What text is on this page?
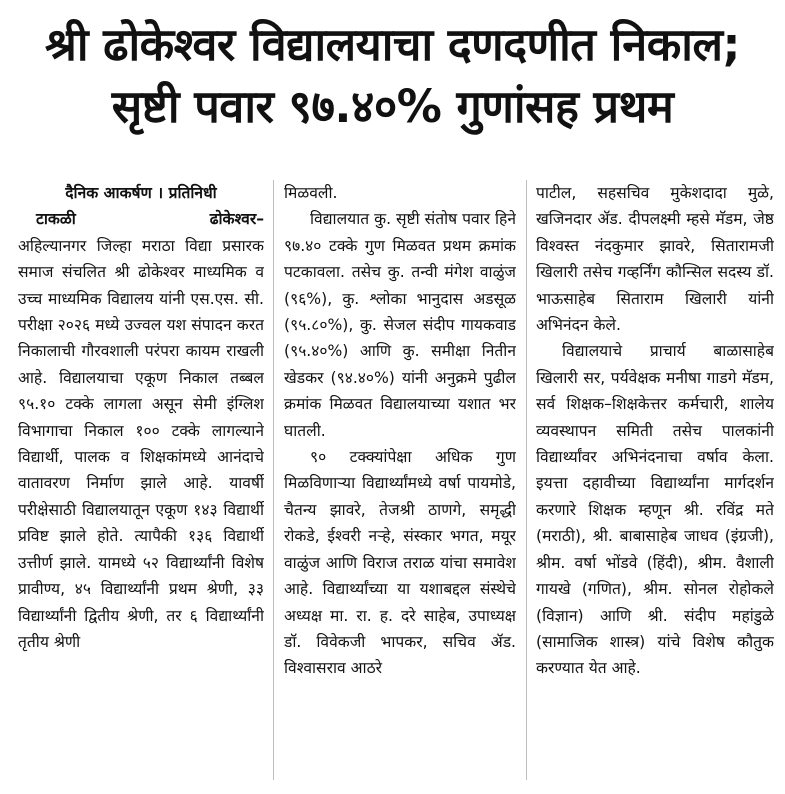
श्री ढोकेश्वर विद्यालयाचा दणदणीत निकाल;
सृष्टी पवार ९७.४०% गुणांसह प्रथम

दैनिक आकर्षण । प्रतिनिधी

टाकळी ढोकेश्वर–

अहिल्यानगर जिल्हा मराठा विद्या प्रसारक समाज संचलित श्री ढोकेश्वर माध्यमिक व उच्च माध्यमिक विद्यालय यांनी एस.एस. सी. परीक्षा २०२६ मध्ये उज्वल यश संपादन करत निकालाची गौरवशाली परंपरा कायम राखली आहे. विद्यालयाचा एकूण निकाल तब्बल ९५.१० टक्के लागला असून सेमी इंग्लिश विभागाचा निकाल १०० टक्के लागल्याने विद्यार्थी, पालक व शिक्षकांमध्ये आनंदाचे वातावरण निर्माण झाले आहे. यावर्षी परीक्षेसाठी विद्यालयातून एकूण १४३ विद्यार्थी प्रविष्ट झाले होते. त्यापैकी १३६ विद्यार्थी उत्तीर्ण झाले. यामध्ये ५२ विद्यार्थ्यांनी विशेष प्रावीण्य, ४५ विद्यार्थ्यांनी प्रथम श्रेणी, ३३ विद्यार्थ्यांनी द्वितीय श्रेणी, तर ६ विद्यार्थ्यांनी तृतीय श्रेणी

मिळवली.

विद्यालयात कु. सृष्टी संतोष पवार हिने ९७.४० टक्के गुण मिळवत प्रथम क्रमांक पटकावला. तसेच कु. तन्वी मंगेश वाळुंज (९६%), कु. श्लोका भानुदास अडसूळ (९५.८०%), कु. सेजल संदीप गायकवाड (९५.४०%) आणि कु. समीक्षा नितीन खेडकर (९४.४०%) यांनी अनुक्रमे पुढील क्रमांक मिळवत विद्यालयाच्या यशात भर घातली.

९० टक्क्यांपेक्षा अधिक गुण मिळविणाऱ्या विद्यार्थ्यांमध्ये वर्षा पायमोडे, चैतन्य झावरे, तेजश्री ठाणगे, समृद्धी रोकडे, ईश्वरी नऱ्हे, संस्कार भगत, मयूर वाळुंज आणि विराज तराळ यांचा समावेश आहे. विद्यार्थ्यांच्या या यशाबद्दल संस्थेचे अध्यक्ष मा. रा. ह. दरे साहेब, उपाध्यक्ष डॉ. विवेकजी भापकर, सचिव ॲड. विश्वासराव आठरे

पाटील, सहसचिव मुकेशदादा मुळे, खजिनदार ॲड. दीपलक्ष्मी म्हसे मॅडम, जेष्ठ विश्वस्त नंदकुमार झावरे, सितारामजी खिलारी तसेच गव्हर्निंग कौन्सिल सदस्य डॉ. भाऊसाहेब सिताराम खिलारी यांनी अभिनंदन केले.

विद्यालयाचे प्राचार्य बाळासाहेब खिलारी सर, पर्यवेक्षक मनीषा गाडगे मॅडम, सर्व शिक्षक–शिक्षकेत्तर कर्मचारी, शालेय व्यवस्थापन समिती तसेच पालकांनी विद्यार्थ्यांवर अभिनंदनाचा वर्षाव केला. इयत्ता दहावीच्या विद्यार्थ्यांना मार्गदर्शन करणारे शिक्षक म्हणून श्री. रविंद्र मते (मराठी), श्री. बाबासाहेब जाधव (इंग्रजी), श्रीम. वर्षा भोंडवे (हिंदी), श्रीम. वैशाली गायखे (गणित), श्रीम. सोनल रोहोकले (विज्ञान) आणि श्री. संदीप महांडुळे (सामाजिक शास्त्र) यांचे विशेष कौतुक करण्यात येत आहे.
